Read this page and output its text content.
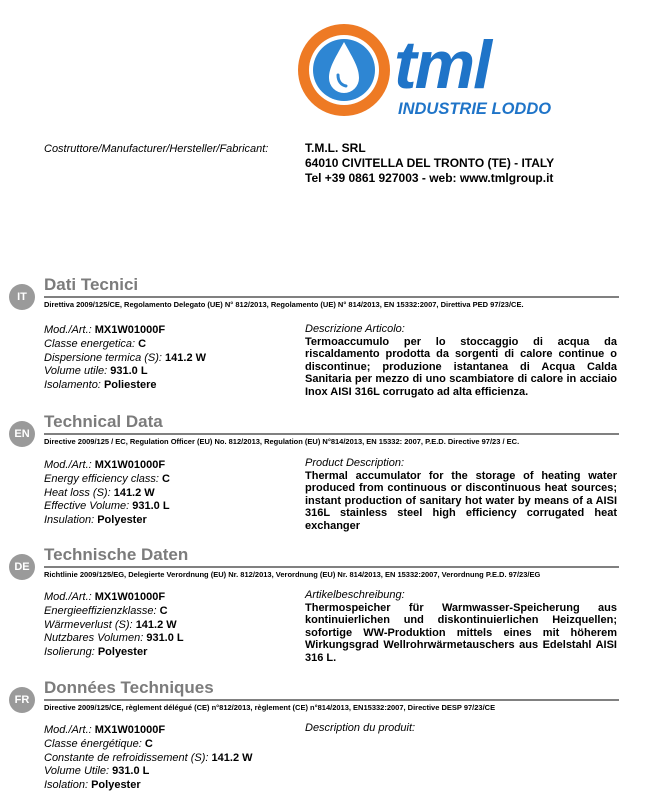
tml
INDUSTRIE LODDO
Costruttore/Manufacturer/Hersteller/Fabricant:	T.M.L. SRL
64010 CIVITELLA DEL TRONTO (TE) - ITALY
Tel +39 0861 927003 - web: www.tmlgroup.it
IT
Dati Tecnici
Direttiva 2009/125/CE, Regolamento Delegato (UE) N° 812/2013, Regolamento (UE) N° 814/2013, EN 15332:2007, Direttiva PED 97/23/CE.
Mod./Art.: MX1W01000F
Classe energetica: C
Dispersione termica (S): 141.2 W
Volume utile: 931.0 L
Isolamento: Poliestere
Descrizione Articolo:
Termoaccumulo per lo stoccaggio di acqua da riscaldamento prodotta da sorgenti di calore continue o discontinue; produzione istantanea di Acqua Calda Sanitaria per mezzo di uno scambiatore di calore in acciaio Inox AISI 316L corrugato ad alta efficienza.
EN
Technical Data
Directive 2009/125 / EC, Regulation Officer (EU) No. 812/2013, Regulation (EU) N°814/2013, EN 15332: 2007, P.E.D. Directive 97/23 / EC.
Mod./Art.: MX1W01000F
Energy efficiency class: C
Heat loss (S): 141.2 W
Effective Volume: 931.0 L
Insulation: Polyester
Product Description:
Thermal accumulator for the storage of heating water produced from continuous or discontinuous heat sources; instant production of sanitary hot water by means of a AISI 316L stainless steel high efficiency corrugated heat exchanger
DE
Technische Daten
Richtlinie 2009/125/EG, Delegierte Verordnung (EU) Nr. 812/2013, Verordnung (EU) Nr. 814/2013, EN 15332:2007, Verordnung P.E.D. 97/23/EG
Mod./Art.: MX1W01000F
Energieeffizienzklasse: C
Wärmeverlust (S): 141.2 W
Nutzbares Volumen: 931.0 L
Isolierung: Polyester
Artikelbeschreibung:
Thermospeicher für Warmwasser-Speicherung aus kontinuierlichen und diskontinuierlichen Heizquellen; sofortige WW-Produktion mittels eines mit höherem Wirkungsgrad Wellrohrwärmetauschers aus Edelstahl AISI 316 L.
FR
Données Techniques
Directive 2009/125/CE, règlement délégué (CE) n°812/2013, règlement (CE) n°814/2013, EN15332:2007, Directive DESP 97/23/CE
Mod./Art.: MX1W01000F
Classe énergétique: C
Constante de refroidissement (S): 141.2 W
Volume Utile: 931.0 L
Isolation: Polyester
Description du produit:
